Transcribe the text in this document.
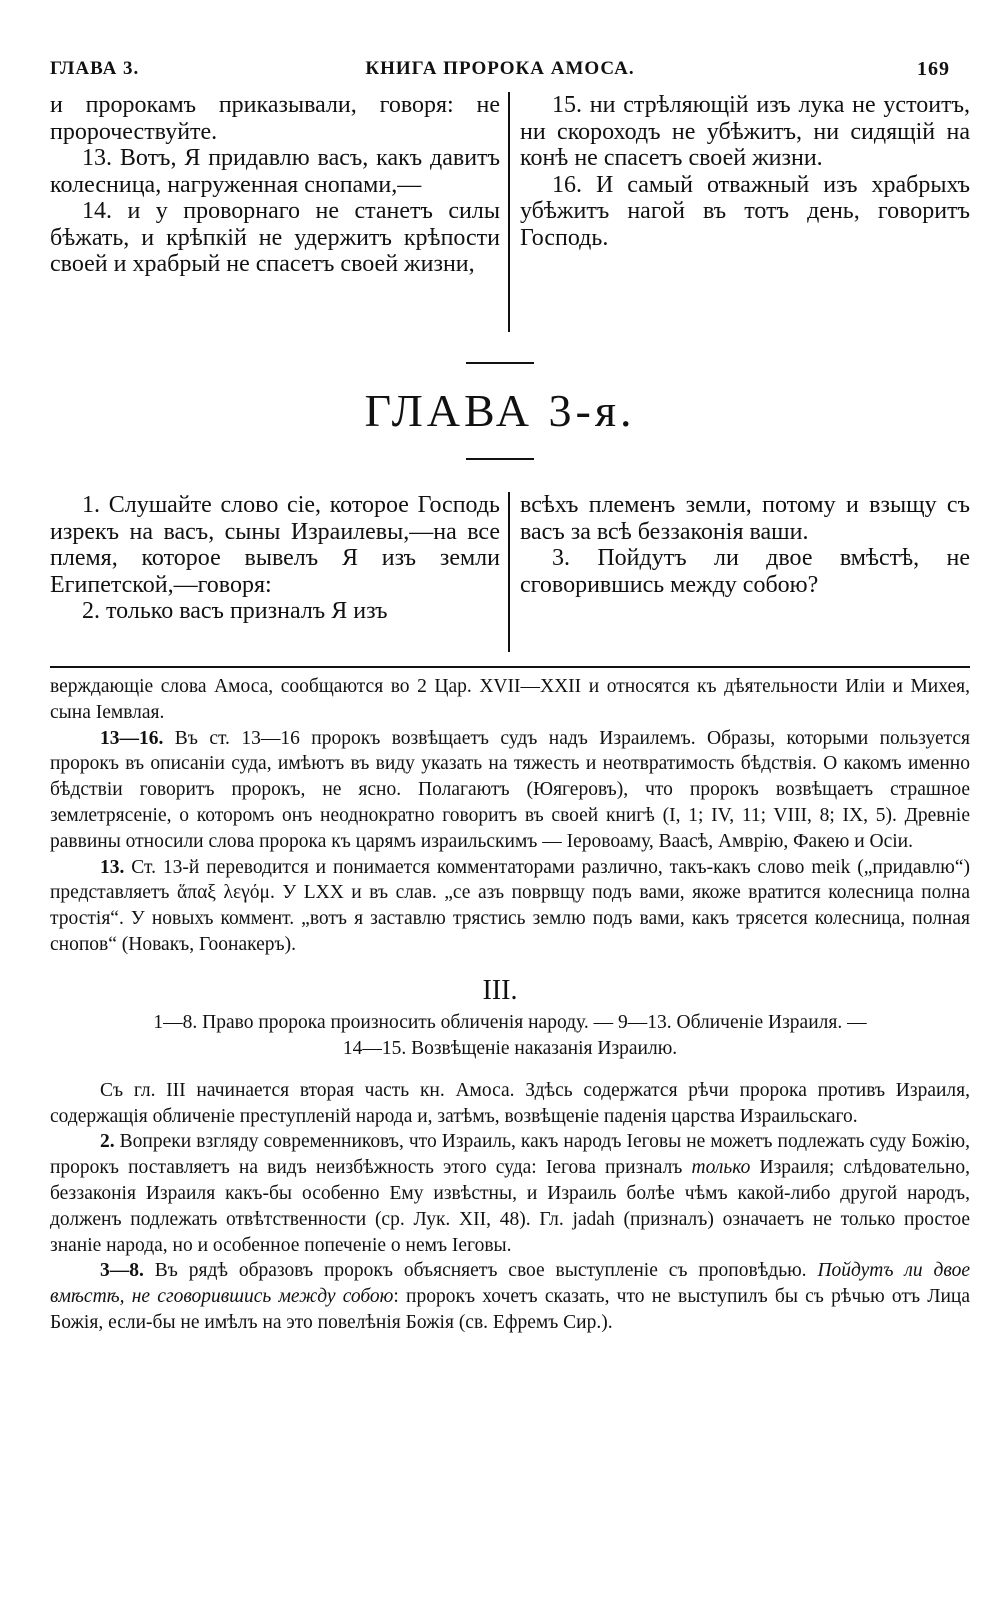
ГЛАВА 3.	КНИГА ПРОРОКА АМОСА.	169

и пророкамъ приказывали, говоря: не пророчествуйте.

13. Вотъ, Я придавлю васъ, какъ давитъ колесница, нагруженная снопами,—

14. и у проворнаго не станетъ силы бѣжать, и крѣпкій не удержитъ крѣпости своей и храбрый не спасетъ своей жизни,

15. ни стрѣляющій изъ лука не устоитъ, ни скороходъ не убѣжитъ, ни сидящій на конѣ не спасетъ своей жизни.

16. И самый отважный изъ храбрыхъ убѣжитъ нагой въ тотъ день, говоритъ Господь.

ГЛАВА 3-я.

1. Слушайте слово сіе, которое Господь изрекъ на васъ, сыны Израилевы,—на все племя, которое вывелъ Я изъ земли Египетской,—говоря:

2. только васъ призналъ Я изъ

всѣхъ племенъ земли, потому и взыщу съ васъ за всѣ беззаконія ваши.

3. Пойдутъ ли двое вмѣстѣ, не сговорившись между собою?

верждающіе слова Амоса, сообщаются во 2 Цар. XVII—XXII и относятся къ дѣятельности Иліи и Михея, сына Іемвлая.

13—16. Въ ст. 13—16 пророкъ возвѣщаетъ судъ надъ Израилемъ. Образы, которыми пользуется пророкъ въ описаніи суда, имѣютъ въ виду указать на тяжесть и неотвратимость бѣдствія. О какомъ именно бѣдствіи говоритъ пророкъ, не ясно. Полагаютъ (Юягеровъ), что пророкъ возвѣщаетъ страшное землетрясеніе, о которомъ онъ неоднократно говоритъ въ своей книгѣ (I, 1; IV, 11; VIII, 8; IX, 5). Древніе раввины относили слова пророка къ царямъ израильскимъ — Іеровоаму, Ваасѣ, Амврію, Факею и Осіи.

13. Ст. 13-й переводится и понимается комментаторами различно, такъ-какъ слово meik („придавлю“) представляетъ ἅπαξ λεγόμ. У LXX и въ слав. „се азъ поврвщу подъ вами, якоже вратится колесница полна тростія“. У новыхъ коммент. „вотъ я заставлю трястись землю подъ вами, какъ трясется колесница, полная снопов“ (Новакъ, Гоонакеръ).

III.
1—8. Право пророка произносить обличенія народу. — 9—13. Обличеніе Израиля. —
14—15. Возвѣщеніе наказанія Израилю.

Съ гл. III начинается вторая часть кн. Амоса. Здѣсь содержатся рѣчи пророка противъ Израиля, содержащія обличеніе преступленій народа и, затѣмъ, возвѣщеніе паденія царства Израильскаго.

2. Вопреки взгляду современниковъ, что Израиль, какъ народъ Іеговы не можетъ подлежать суду Божію, пророкъ поставляетъ на видъ неизбѣжность этого суда: Іегова призналъ только Израиля; слѣдовательно, беззаконія Израиля какъ-бы особенно Ему извѣстны, и Израиль болѣе чѣмъ какой-либо другой народъ, долженъ подлежать отвѣтственности (ср. Лук. XII, 48). Гл. jadah (призналъ) означаетъ не только простое знаніе народа, но и особенное попеченіе о немъ Іеговы.

3—8. Въ рядѣ образовъ пророкъ объясняетъ свое выступленіе съ проповѣдью. Пойдутъ ли двое вмѣстѣ, не сговорившись между собою: пророкъ хочетъ сказать, что не выступилъ бы съ рѣчью отъ Лица Божія, если-бы не имѣлъ на это повелѣнія Божія (св. Ефремъ Сир.).
